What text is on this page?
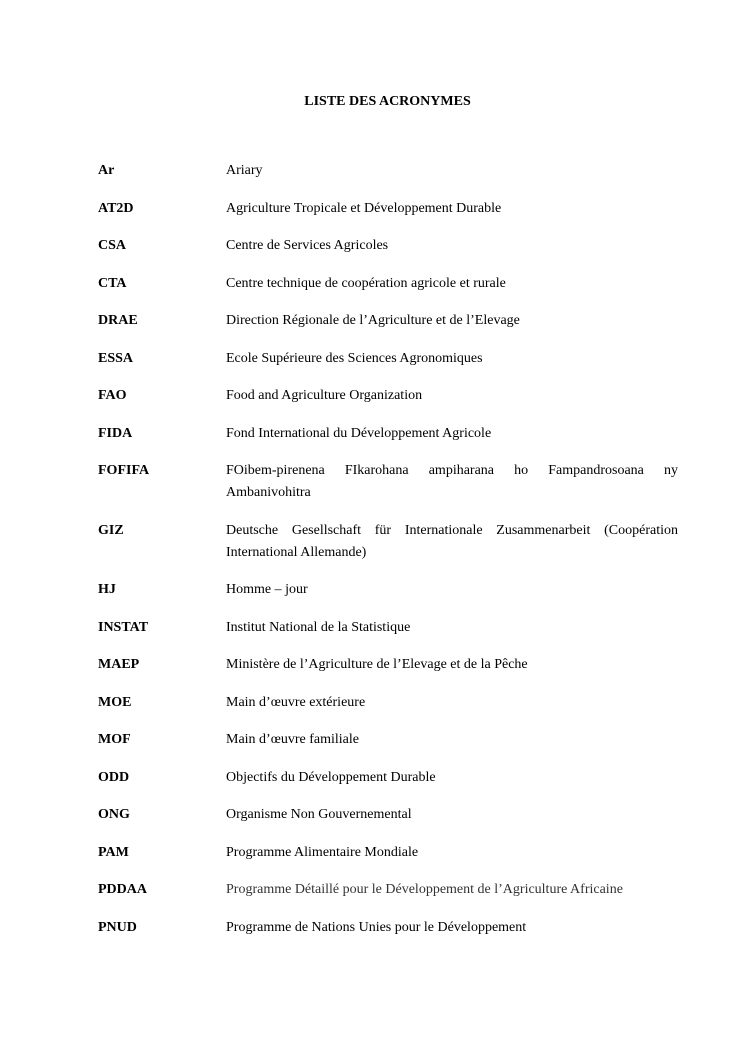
LISTE DES ACRONYMES
Ar	Ariary
AT2D	Agriculture Tropicale et Développement Durable
CSA	Centre de Services Agricoles
CTA	Centre technique de coopération agricole et rurale
DRAE	Direction Régionale de l’Agriculture et de l’Elevage
ESSA	Ecole Supérieure des Sciences Agronomiques
FAO	Food and Agriculture Organization
FIDA	Fond International du Développement Agricole
FOFIFA	FOibem-pirenena FIkarohana ampiharana ho Fampandrosoana ny Ambanivohitra
GIZ	Deutsche Gesellschaft für Internationale Zusammenarbeit (Coopération International Allemande)
HJ	Homme – jour
INSTAT	Institut National de la Statistique
MAEP	Ministère de l’Agriculture de l’Elevage et de la Pêche
MOE	Main d’œuvre extérieure
MOF	Main d’œuvre familiale
ODD	Objectifs du Développement Durable
ONG	Organisme Non Gouvernemental
PAM	Programme Alimentaire Mondiale
PDDAA	Programme Détaillé pour le Développement de l’Agriculture Africaine
PNUD	Programme de Nations Unies pour le Développement
